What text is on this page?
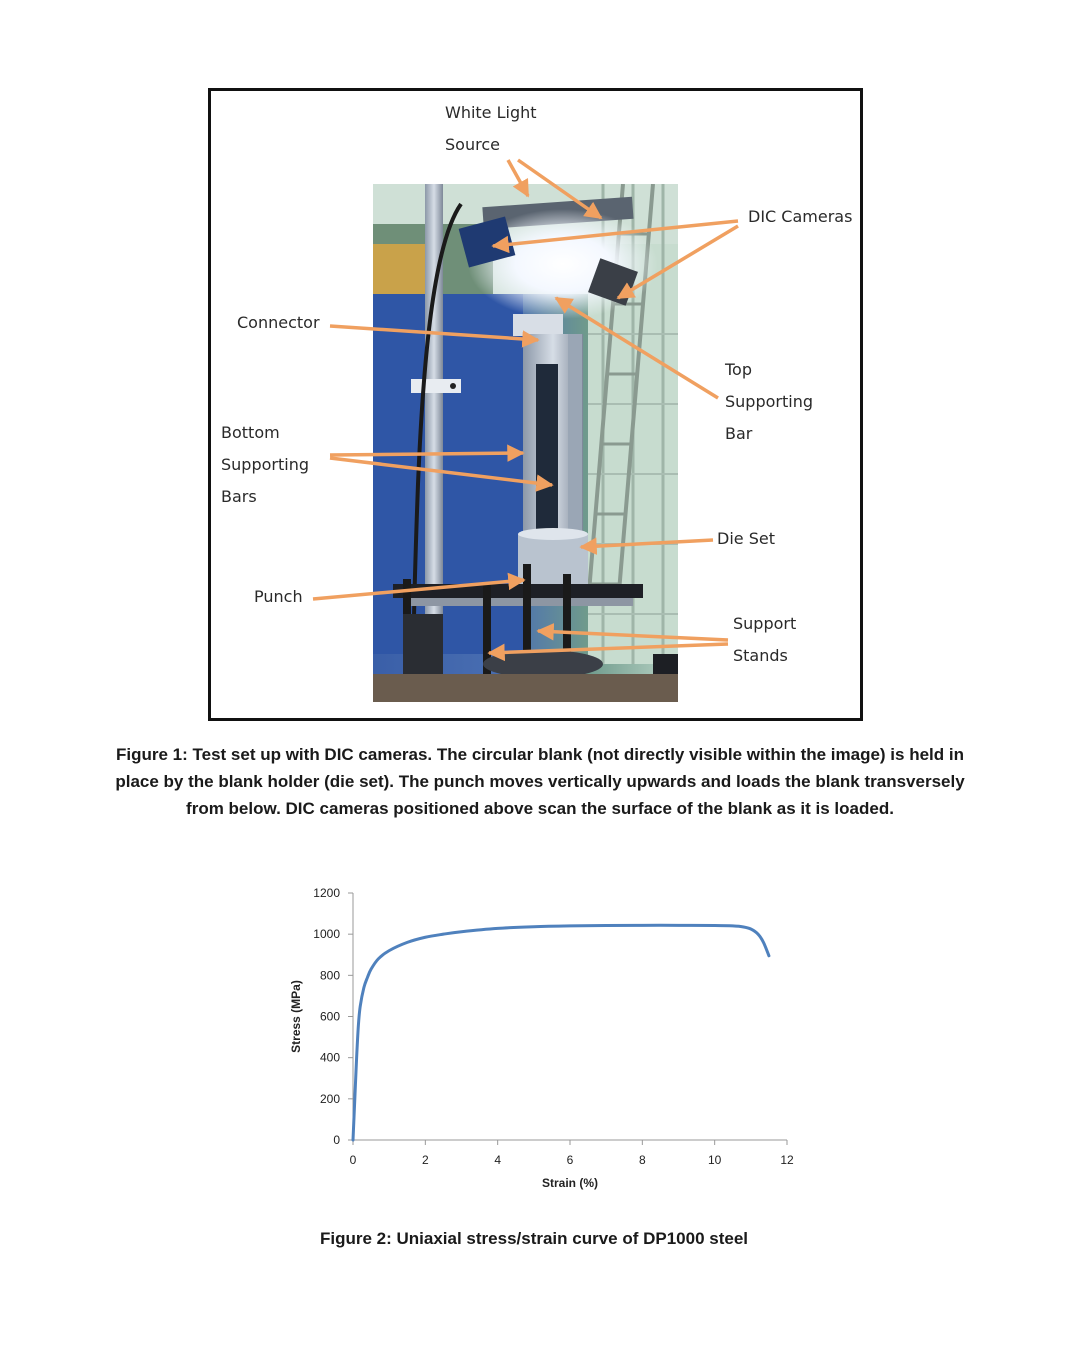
White Light
Source
DIC Cameras
Connector
Top
Supporting
Bar
Bottom
Supporting
Bars
Die Set
Punch
Support
Stands
Figure 1: Test set up with DIC cameras. The circular blank (not directly visible within the image) is held in
place by the blank holder (die set). The punch moves vertically upwards and loads the blank transversely
from below. DIC cameras positioned above scan the surface of the blank as it is loaded.
0
200
400
600
800
1000
1200
0	2	4	6	8	10	12
Strain (%)
Stress (MPa)
Figure 2: Uniaxial stress/strain curve of DP1000 steel
